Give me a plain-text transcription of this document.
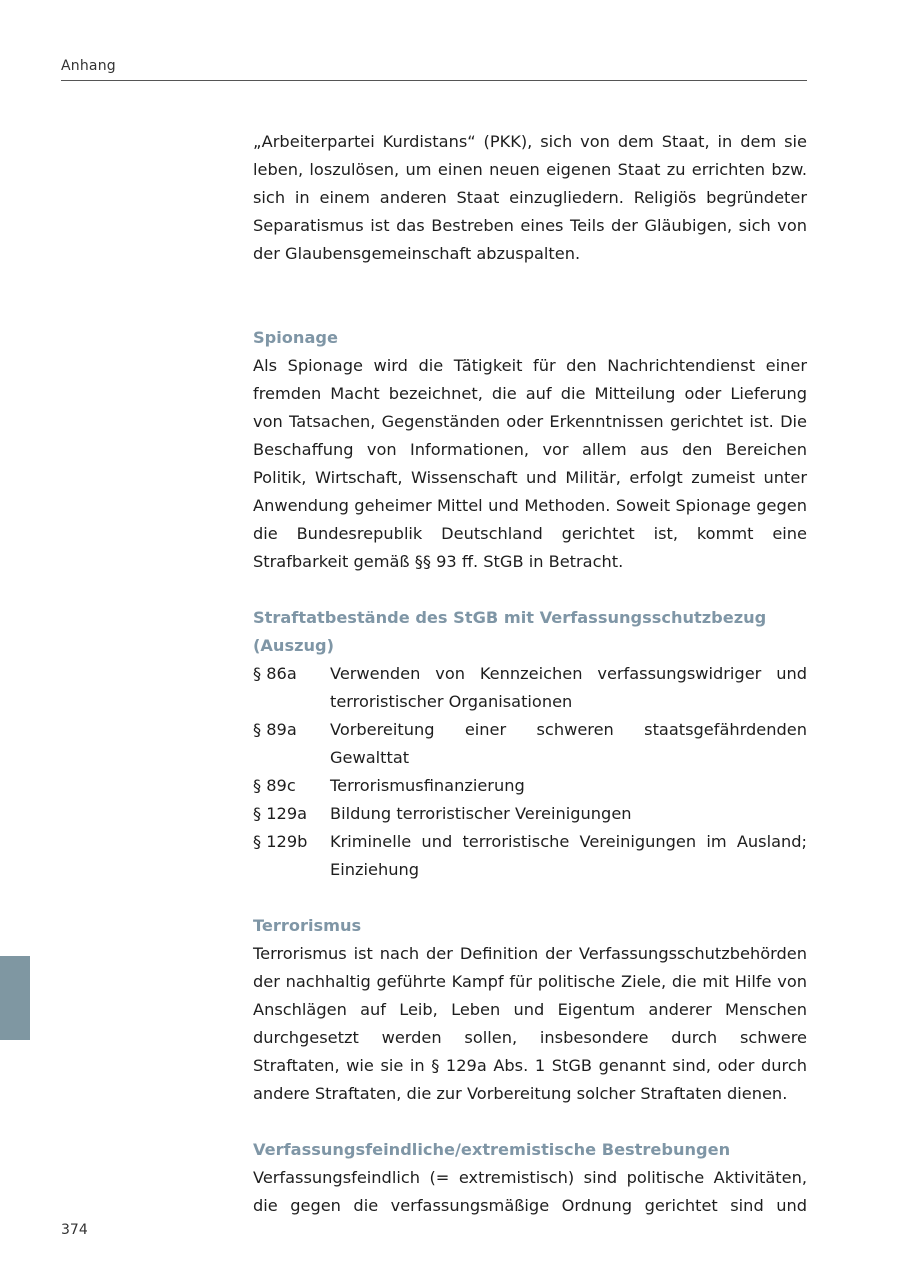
Anhang

„Arbeiterpartei Kurdistans“ (PKK), sich von dem Staat, in dem sie leben, loszulösen, um einen neuen eigenen Staat zu errichten bzw. sich in einem anderen Staat einzugliedern. Religiös begründeter Separatismus ist das Bestreben eines Teils der Gläubigen, sich von der Glaubensgemeinschaft abzuspalten.

Spionage

Als Spionage wird die Tätigkeit für den Nachrichtendienst einer fremden Macht bezeichnet, die auf die Mitteilung oder Lieferung von Tatsachen, Gegenständen oder Erkenntnissen gerichtet ist. Die Beschaffung von Informationen, vor allem aus den Bereichen Politik, Wirtschaft, Wissenschaft und Militär, erfolgt zumeist unter Anwendung geheimer Mittel und Methoden. Soweit Spionage gegen die Bundesrepublik Deutschland gerichtet ist, kommt eine Strafbarkeit gemäß §§ 93 ff. StGB in Betracht.

Straftatbestände des StGB mit Verfassungsschutzbezug (Auszug)
§ 86a	Verwenden von Kennzeichen verfassungswidriger und terroristischer Organisationen
§ 89a	Vorbereitung einer schweren staatsgefährdenden Gewalttat
§ 89c	Terrorismusfinanzierung
§ 129a	Bildung terroristischer Vereinigungen
§ 129b	Kriminelle und terroristische Vereinigungen im Ausland; Einziehung
Terrorismus

Terrorismus ist nach der Definition der Verfassungsschutzbehörden der nachhaltig geführte Kampf für politische Ziele, die mit Hilfe von Anschlägen auf Leib, Leben und Eigentum anderer Menschen durchgesetzt werden sollen, insbesondere durch schwere Straftaten, wie sie in § 129a Abs. 1 StGB genannt sind, oder durch andere Straftaten, die zur Vorbereitung solcher Straftaten dienen.

Verfassungsfeindliche/extremistische Bestrebungen

Verfassungsfeindlich (= extremistisch) sind politische Aktivitäten, die gegen die verfassungsmäßige Ordnung gerichtet sind und

374
